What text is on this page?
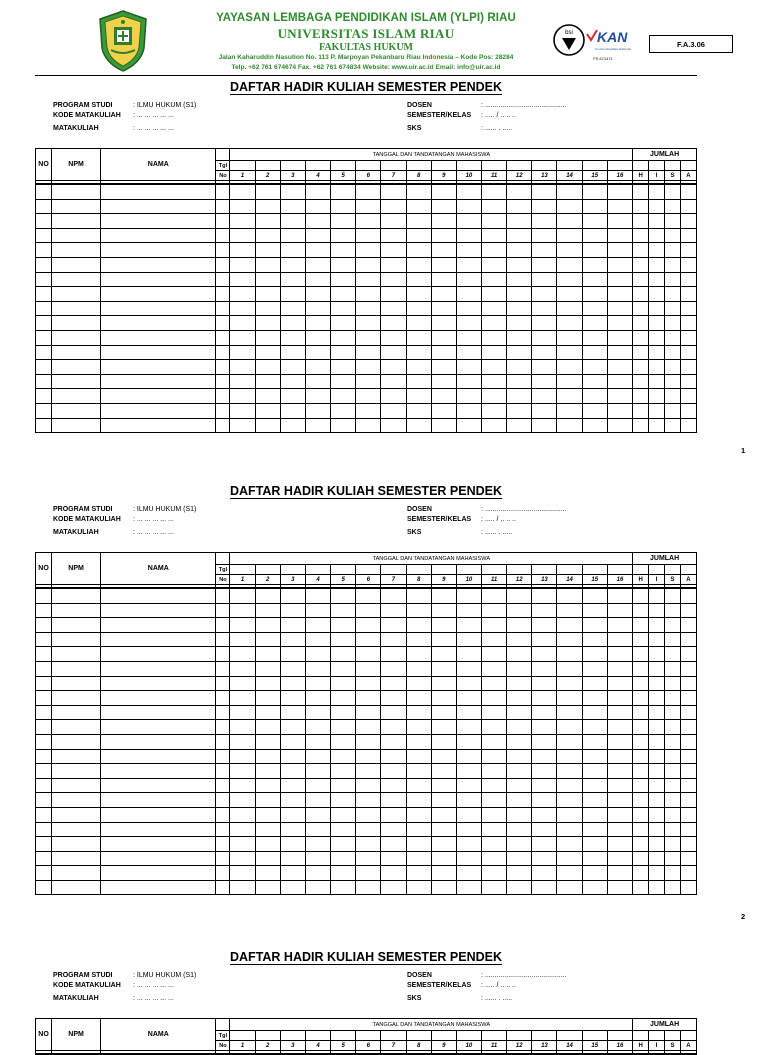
YAYASAN LEMBAGA PENDIDIKAN ISLAM (YLPI) RIAU
UNIVERSITAS ISLAM RIAU
FAKULTAS HUKUM
Jalan Kaharuddin Nasution No. 113 P. Marpoyan Pekanbaru Riau Indonesia – Kode Pos: 28284
Telp. +62 761 674674 Fax. +62 761 674834 Website: www.uir.ac.id Email: info@uir.ac.id
bsi KAN
Komite Akreditasi Nasional
FS 671471
F.A.3.06
DAFTAR HADIR KULIAH SEMESTER PENDEK
PROGRAM STUDI	: ILMU HUKUM (S1)
KODE MATAKULIAH : ... ... ... ... ...
MATAKULIAH	: ... ... ... ... ...
DOSEN	: ..........................................
SEMESTER/KELAS : ..... / .. .. ..
SKS	: ...... . .....
NO	NPM	NAMA		TANGGAL DAN TANDATANGAN MAHASISWA																JUMLAH			
			Tgl																				
			No	1	2	3	4	5	6	7	8	9	10	11	12	13	14	15	16	H	I	S	A

1
DAFTAR HADIR KULIAH SEMESTER PENDEK
PROGRAM STUDI	: ILMU HUKUM (S1)
KODE MATAKULIAH : ... ... ... ... ...
MATAKULIAH	: ... ... ... ... ...
DOSEN	: ..........................................
SEMESTER/KELAS : ..... / .. .. ..
SKS	: ...... . .....
NO	NPM	NAMA		TANGGAL DAN TANDATANGAN MAHASISWA																JUMLAH			
			Tgl																				
			No	1	2	3	4	5	6	7	8	9	10	11	12	13	14	15	16	H	I	S	A

2
DAFTAR HADIR KULIAH SEMESTER PENDEK
PROGRAM STUDI	: ILMU HUKUM (S1)
KODE MATAKULIAH : ... ... ... ... ...
MATAKULIAH	: ... ... ... ... ...
DOSEN	: ..........................................
SEMESTER/KELAS : ..... / .. .. ..
SKS	: ...... . .....
NO	NPM	NAMA		TANGGAL DAN TANDATANGAN MAHASISWA																JUMLAH			
			Tgl																				
			No	1	2	3	4	5	6	7	8	9	10	11	12	13	14	15	16	H	I	S	A
